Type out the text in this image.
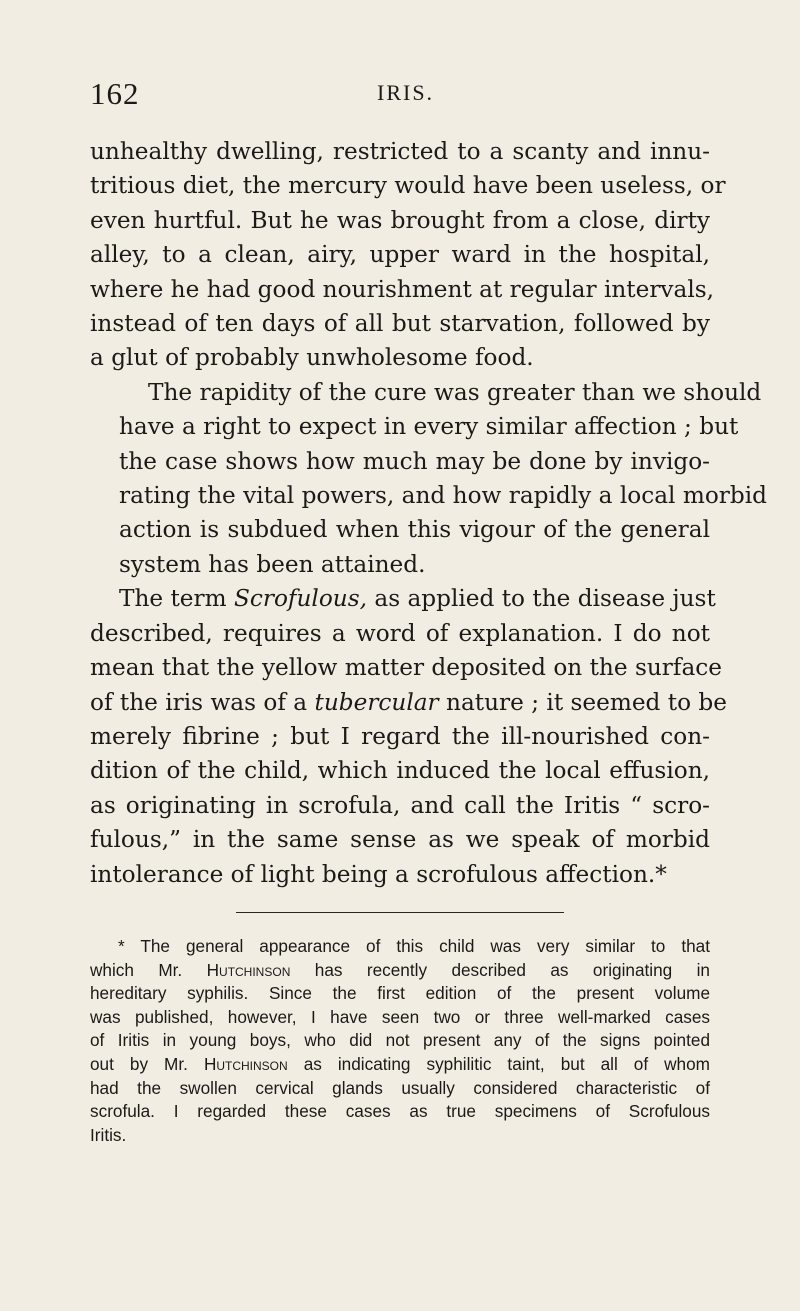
162	IRIS.
unhealthy dwelling, restricted to a scanty and innu-
tritious diet, the mercury would have been useless, or
even hurtful. But he was brought from a close, dirty
alley, to a clean, airy, upper ward in the hospital,
where he had good nourishment at regular intervals,
instead of ten days of all but starvation, followed by
a glut of probably unwholesome food.
The rapidity of the cure was greater than we should
have a right to expect in every similar affection ; but
the case shows how much may be done by invigo-
rating the vital powers, and how rapidly a local morbid
action is subdued when this vigour of the general
system has been attained.
The term Scrofulous, as applied to the disease just
described, requires a word of explanation. I do not
mean that the yellow matter deposited on the surface
of the iris was of a tubercular nature ; it seemed to be
merely fibrine ; but I regard the ill-nourished con-
dition of the child, which induced the local effusion,
as originating in scrofula, and call the Iritis “ scro-
fulous,” in the same sense as we speak of morbid
intolerance of light being a scrofulous affection.*
* The general appearance of this child was very similar to that
which Mr. Hutchinson has recently described as originating in
hereditary syphilis. Since the first edition of the present volume
was published, however, I have seen two or three well-marked cases
of Iritis in young boys, who did not present any of the signs pointed
out by Mr. Hutchinson as indicating syphilitic taint, but all of whom
had the swollen cervical glands usually considered characteristic of
scrofula. I regarded these cases as true specimens of Scrofulous
Iritis.
